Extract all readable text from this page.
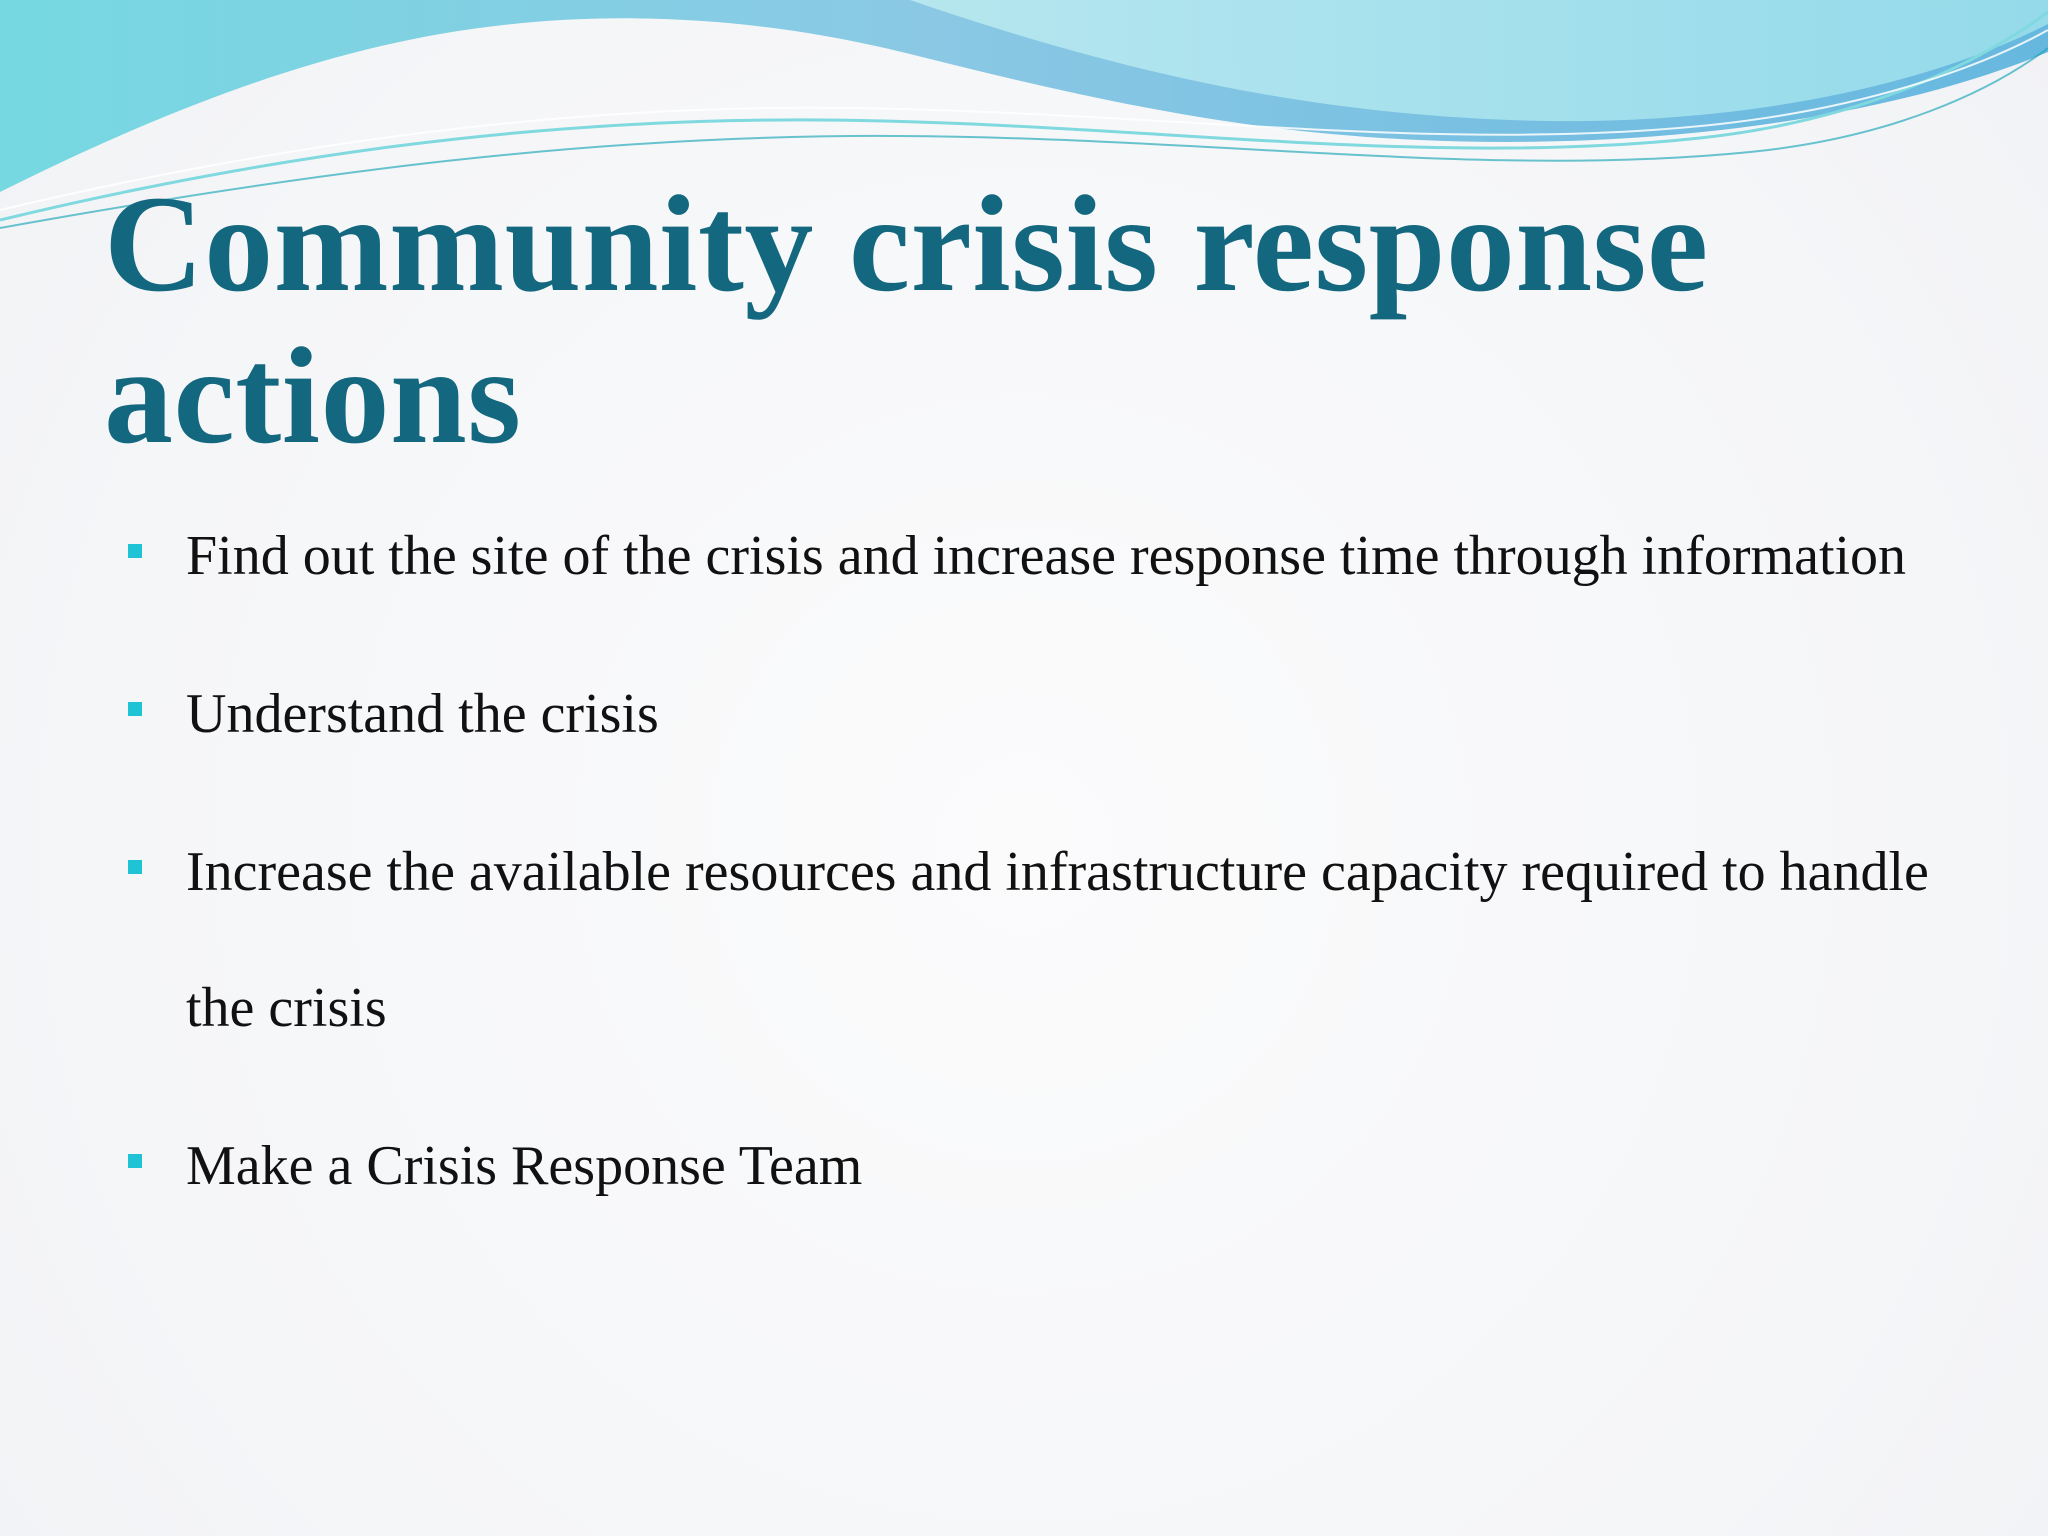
Community crisis response actions
Find out the site of the crisis and increase response time through information
Understand the crisis
Increase the available resources and infrastructure capacity required to handle the crisis
Make a Crisis Response Team
